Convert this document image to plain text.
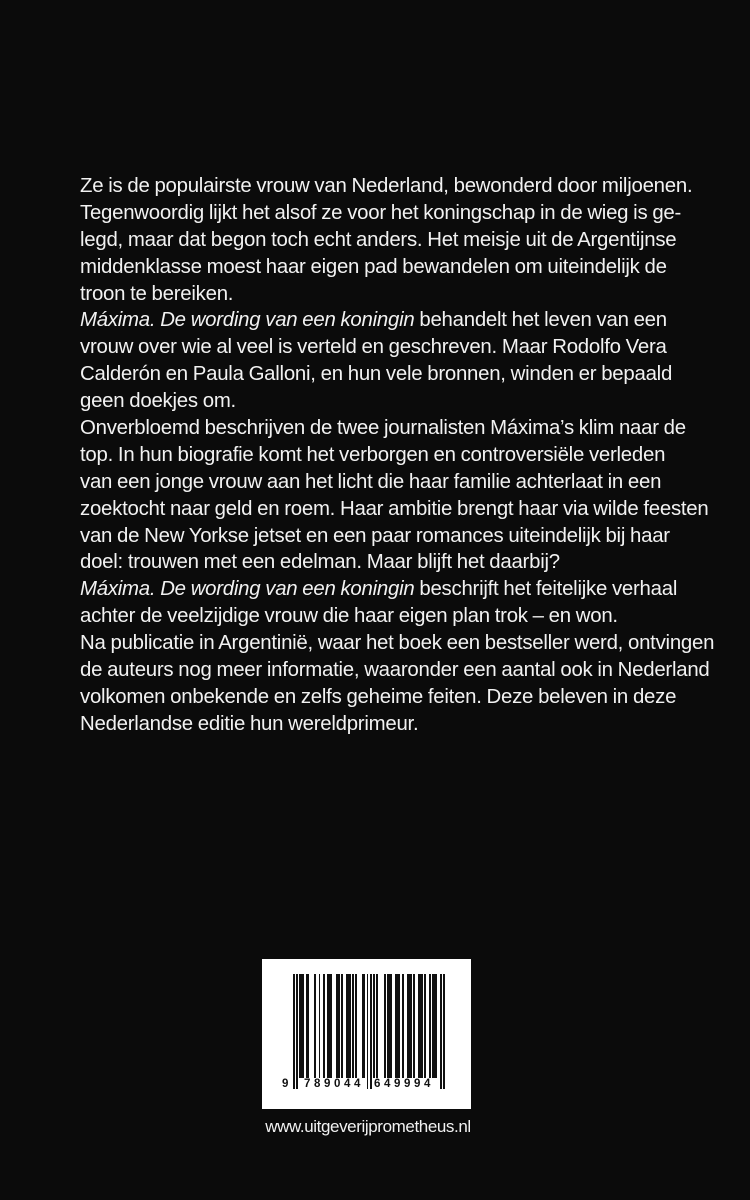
Ze is de populairste vrouw van Nederland, bewonderd door miljoenen.
Tegenwoordig lijkt het alsof ze voor het koningschap in de wieg is ge-
legd, maar dat begon toch echt anders. Het meisje uit de Argentijnse
middenklasse moest haar eigen pad bewandelen om uiteindelijk de
troon te bereiken.
Máxima. De wording van een koningin behandelt het leven van een
vrouw over wie al veel is verteld en geschreven. Maar Rodolfo Vera
Calderón en Paula Galloni, en hun vele bronnen, winden er bepaald
geen doekjes om.
Onverbloemd beschrijven de twee journalisten Máxima’s klim naar de
top. In hun biografie komt het verborgen en controversiële verleden
van een jonge vrouw aan het licht die haar familie achterlaat in een
zoektocht naar geld en roem. Haar ambitie brengt haar via wilde feesten
van de New Yorkse jetset en een paar romances uiteindelijk bij haar
doel: trouwen met een edelman. Maar blijft het daarbij?
Máxima. De wording van een koningin beschrijft het feitelijke verhaal
achter de veelzijdige vrouw die haar eigen plan trok – en won.
Na publicatie in Argentinië, waar het boek een bestseller werd, ontvingen
de auteurs nog meer informatie, waaronder een aantal ook in Nederland
volkomen onbekende en zelfs geheime feiten. Deze beleven in deze
Nederlandse editie hun wereldprimeur.
9 789044 649994
www.uitgeverijprometheus.nl
